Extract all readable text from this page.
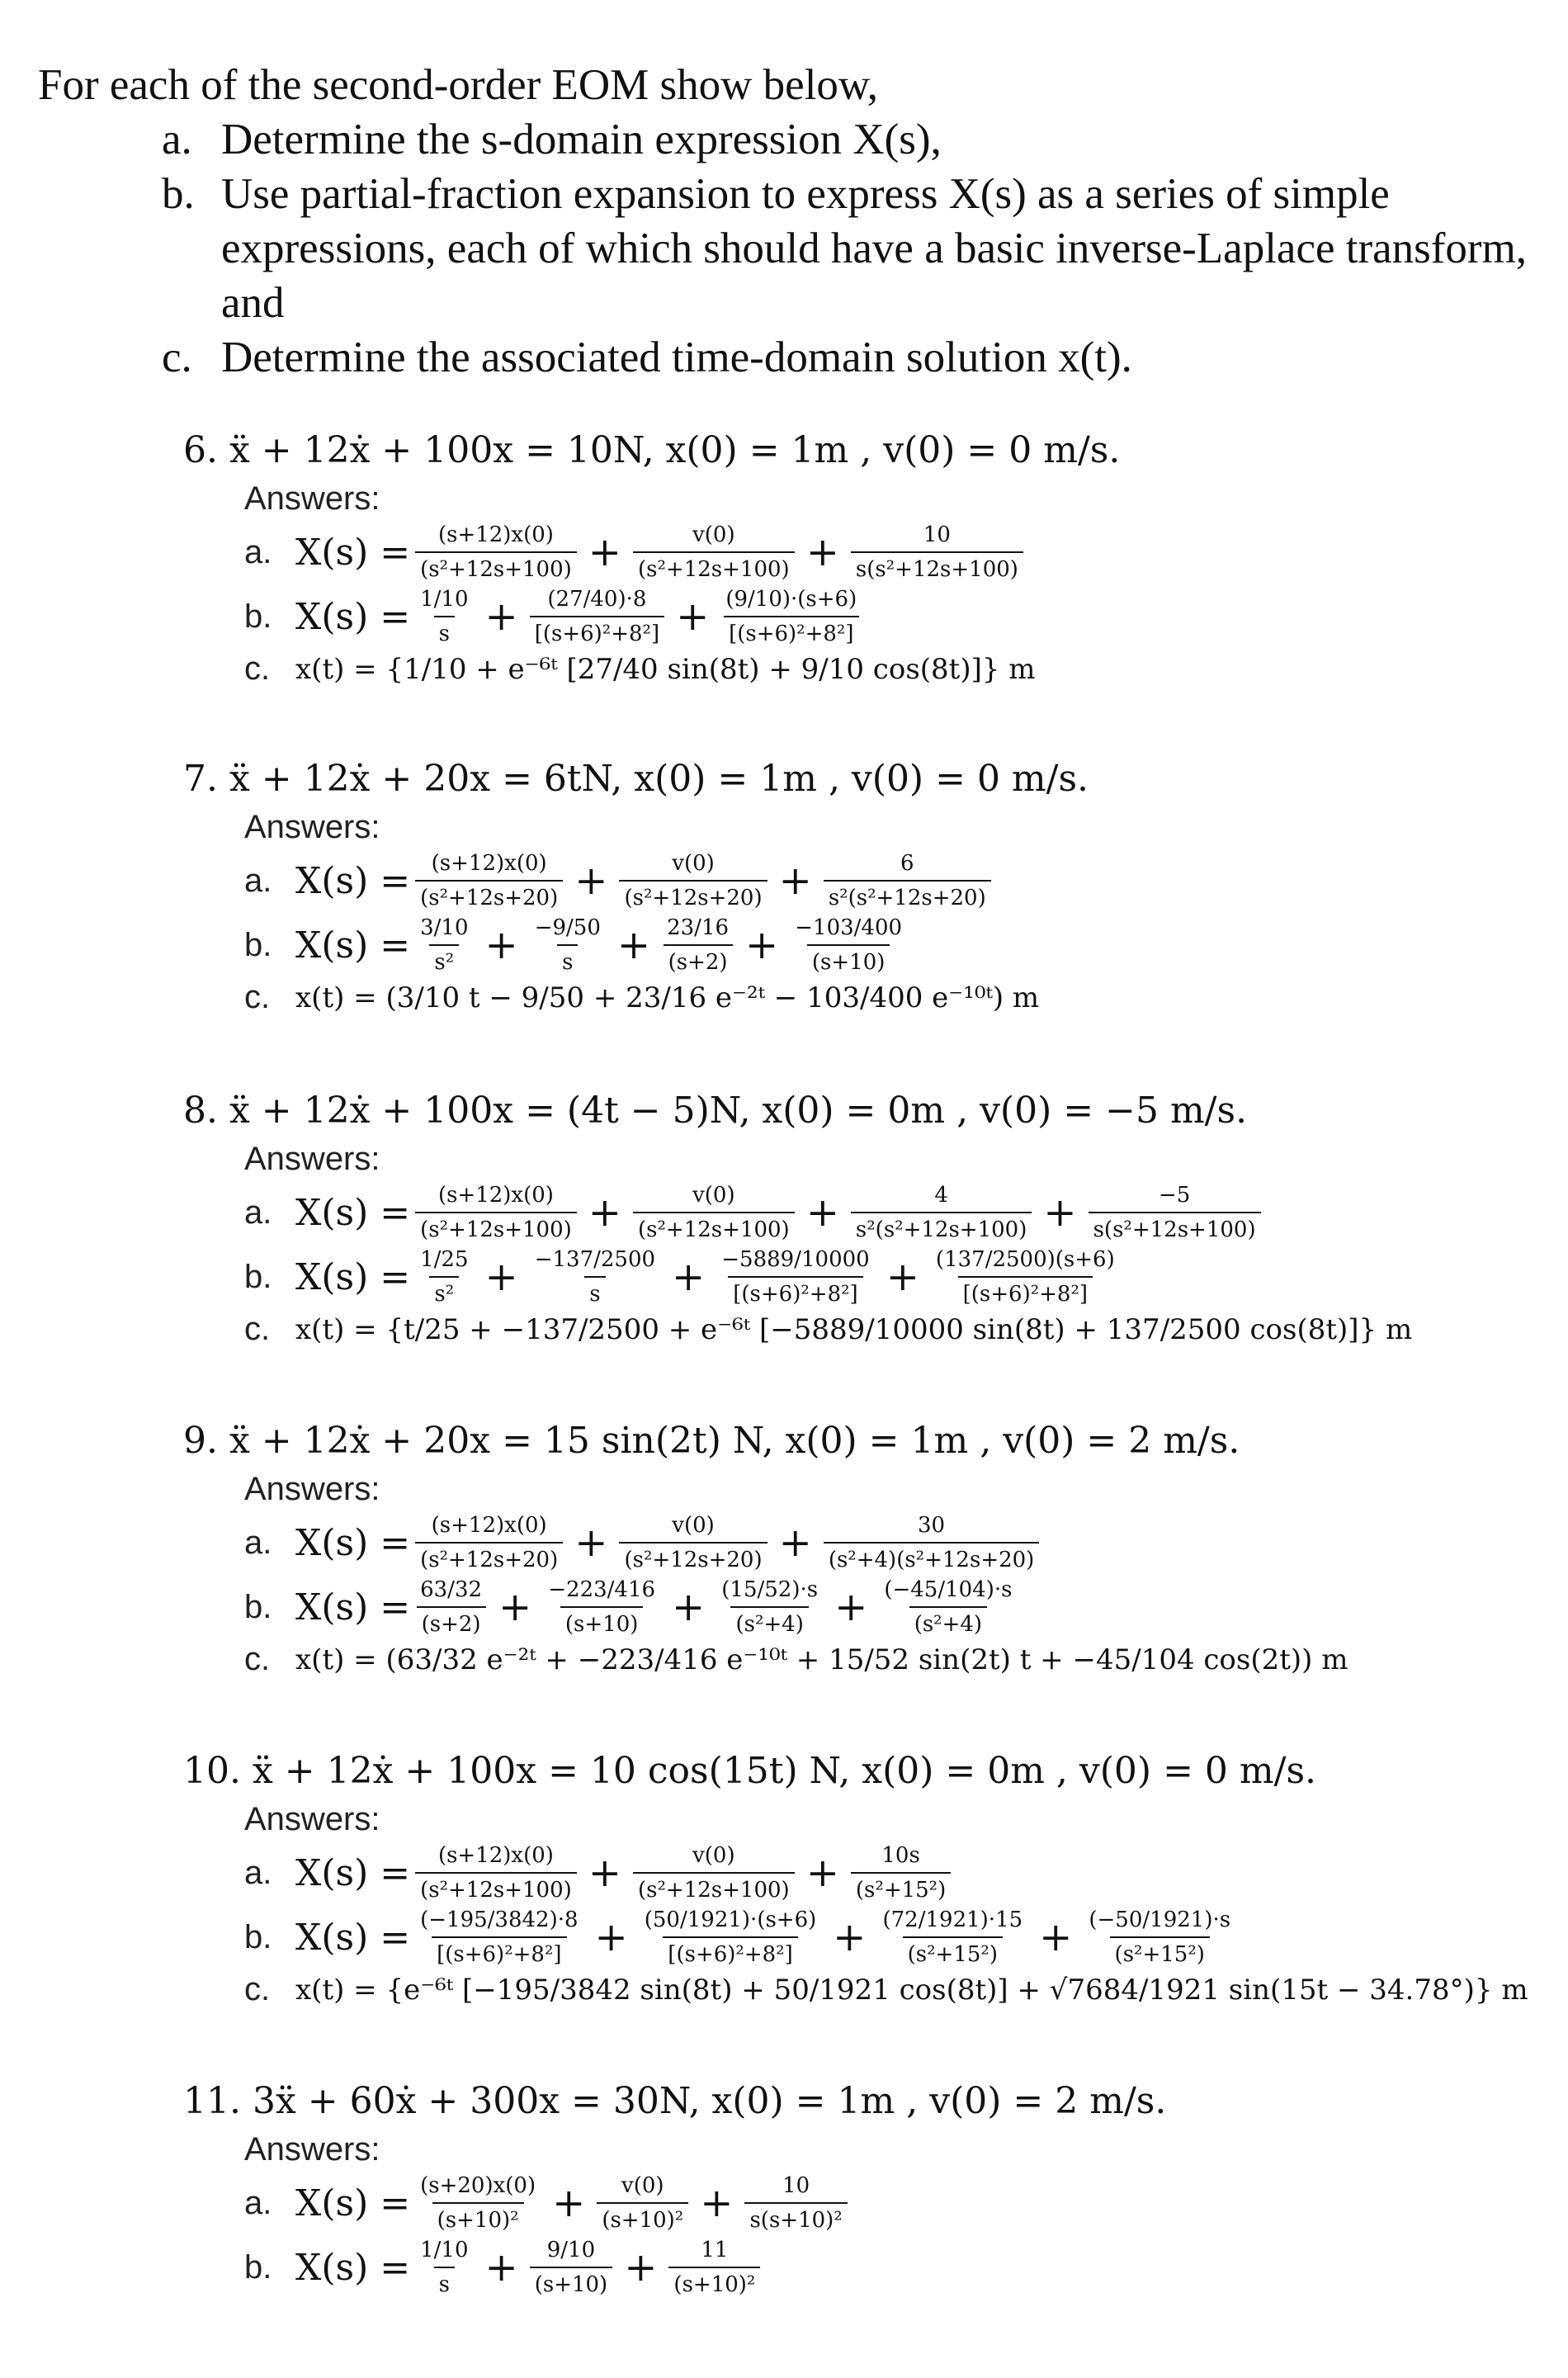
For each of the second-order EOM show below,

a. Determine the s-domain expression X(s),
b. Use partial-fraction expansion to express X(s) as a series of simple expressions, each of which should have a basic inverse-Laplace transform, and
c. Determine the associated time-domain solution x(t).
6. ẍ + 12ẋ + 100x = 10N, x(0) = 1m , v(0) = 0 m/s.
Answers:
a. $X(s) = \frac{(s+12)x(0)}{\text{(s²+12s+100)}} + \frac{v(0)}{\text{(s²+12s+100)}} + \frac{10}{\text{s(s²+12s+100)}}$
b. $X(s) = \frac{1/10}{s} + \frac{(27/40)\cdot 8}{\text{[(s+6)²+8²]}} + \frac{(9/10)\cdot(s+6)}{\text{[(s+6)²+8²]}}$
c. x(t) = {1/10 + e⁻⁶ᵗ [27/40 sin(8t) + 9/10 cos(8t)]} m
7. ẍ + 12ẋ + 20x = 6tN, x(0) = 1m , v(0) = 0 m/s.
Answers:
a. $X(s) = \frac{(s+12)x(0)}{\text{(s²+12s+20)}} + \frac{v(0)}{\text{(s²+12s+20)}} + \frac{6}{\text{s²(s²+12s+20)}}$
b. $X(s) = \frac{3/10}{\text{s²}} + \frac{-9/50}{s} + \frac{23/16}{(s+2)} + \frac{-103/400}{(s+10)}$
c. x(t) = (3/10 t − 9/50 + 23/16 e⁻²ᵗ − 103/400 e⁻¹⁰ᵗ) m
8. ẍ + 12ẋ + 100x = (4t − 5)N, x(0) = 0m , v(0) = −5 m/s.
Answers:
a. $X(s) = \frac{(s+12)x(0)}{\text{(s²+12s+100)}} + \frac{v(0)}{\text{(s²+12s+100)}} + \frac{4}{\text{s²(s²+12s+100)}} + \frac{-5}{\text{s(s²+12s+100)}}$
b. $X(s) = \frac{1/25}{\text{s²}} + \frac{-137/2500}{s} + \frac{-5889/10000}{\text{[(s+6)²+8²]}} + \frac{(137/2500)(s+6)}{\text{[(s+6)²+8²]}}$
c. x(t) = {t/25 + −137/2500 + e⁻⁶ᵗ [−5889/10000 sin(8t) + 137/2500 cos(8t)]} m
9. ẍ + 12ẋ + 20x = 15 sin(2t) N, x(0) = 1m , v(0) = 2 m/s.
Answers:
a. $X(s) = \frac{(s+12)x(0)}{\text{(s²+12s+20)}} + \frac{v(0)}{\text{(s²+12s+20)}} + \frac{30}{\text{(s²+4)(s²+12s+20)}}$
b. $X(s) = \frac{63/32}{(s+2)} + \frac{-223/416}{(s+10)} + \frac{(15/52)\cdot s}{\text{(s²+4)}} + \frac{(-45/104)\cdot s}{\text{(s²+4)}}$
c. x(t) = (63/32 e⁻²ᵗ + −223/416 e⁻¹⁰ᵗ + 15/52 sin(2t) t + −45/104 cos(2t)) m
10. ẍ + 12ẋ + 100x = 10 cos(15t) N, x(0) = 0m , v(0) = 0 m/s.
Answers:
a. $X(s) = \frac{(s+12)x(0)}{\text{(s²+12s+100)}} + \frac{v(0)}{\text{(s²+12s+100)}} + \frac{10s}{\text{(s²+15²)}}$
b. $X(s) = \frac{(-195/3842)\cdot 8}{\text{[(s+6)²+8²]}} + \frac{(50/1921)\cdot(s+6)}{\text{[(s+6)²+8²]}} + \frac{(72/1921)\cdot 15}{\text{(s²+15²)}} + \frac{(-50/1921)\cdot s}{\text{(s²+15²)}}$
c. x(t) = {e⁻⁶ᵗ [−195/3842 sin(8t) + 50/1921 cos(8t)] + √7684/1921 sin(15t − 34.78°)} m
11. 3ẍ + 60ẋ + 300x = 30N, x(0) = 1m , v(0) = 2 m/s.
Answers:
a. $X(s) = \frac{(s+20)x(0)}{\text{(s+10)²}} + \frac{v(0)}{\text{(s+10)²}} + \frac{10}{\text{s(s+10)²}}$
b. $X(s) = \frac{1/10}{s} + \frac{9/10}{(s+10)} + \frac{11}{\text{(s+10)²}}$
